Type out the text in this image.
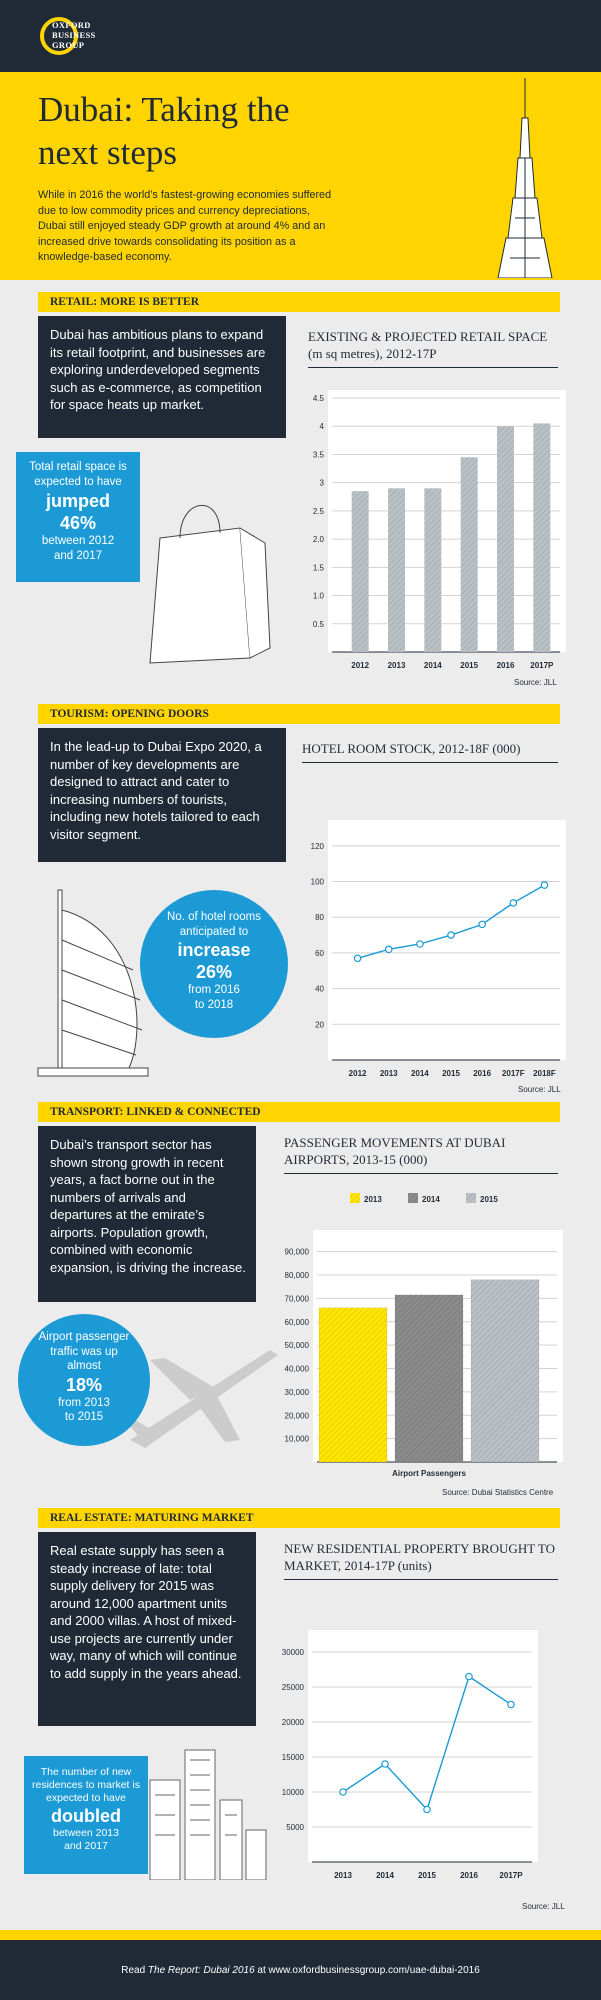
OXFORD
BUSINESS
GROUP
Dubai: Taking the
next steps
While in 2016 the world’s fastest-growing economies suffered due to low commodity prices and currency depreciations, Dubai still enjoyed steady GDP growth at around 4% and an increased drive towards consolidating its position as a knowledge-based economy.
RETAIL: MORE IS BETTER
Dubai has ambitious plans to expand its retail footprint, and businesses are exploring underdeveloped segments such as e-commerce, as competition for space heats up market.
EXISTING & PROJECTED RETAIL SPACE (m sq metres), 2012-17P
Total retail space is expected to have
jumped
46%
between 2012 and 2017
0.5
1.0
1.5
2.0
2.5
3
3.5
4
4.5
2012 2013 2014 2015 2016 2017P
Source: JLL
TOURISM: OPENING DOORS
In the lead-up to Dubai Expo 2020, a number of key developments are designed to attract and cater to increasing numbers of tourists, including new hotels tailored to each visitor segment.
HOTEL ROOM STOCK, 2012-18F (000)
No. of hotel rooms anticipated to
increase
26%
from 2016 to 2018
20
40
60
80
100
120
2012 2013 2014 2015 2016 2017F 2018F
Source: JLL
TRANSPORT: LINKED & CONNECTED
Dubai’s transport sector has shown strong growth in recent years, a fact borne out in the numbers of arrivals and departures at the emirate’s airports. Population growth, combined with economic expansion, is driving the increase.
PASSENGER MOVEMENTS AT DUBAI AIRPORTS, 2013-15 (000)
Airport passenger traffic was up almost
18%
from 2013 to 2015
2013	2014	2015
10,000
20,000
30,000
40,000
50,000
60,000
70,000
80,000
90,000
Airport Passengers
Source: Dubai Statistics Centre
REAL ESTATE: MATURING MARKET
Real estate supply has seen a steady increase of late: total supply delivery for 2015 was around 12,000 apartment units and 2000 villas. A host of mixed-use projects are currently under way, many of which will continue to add supply in the years ahead.
NEW RESIDENTIAL PROPERTY BROUGHT TO MARKET, 2014-17P (units)
The number of new residences to market is expected to have
doubled
between 2013 and 2017
5000
10000
15000
20000
25000
30000
2013	2014	2015	2016	2017P
Source: JLL
Read The Report: Dubai 2016 at www.oxfordbusinessgroup.com/uae-dubai-2016
